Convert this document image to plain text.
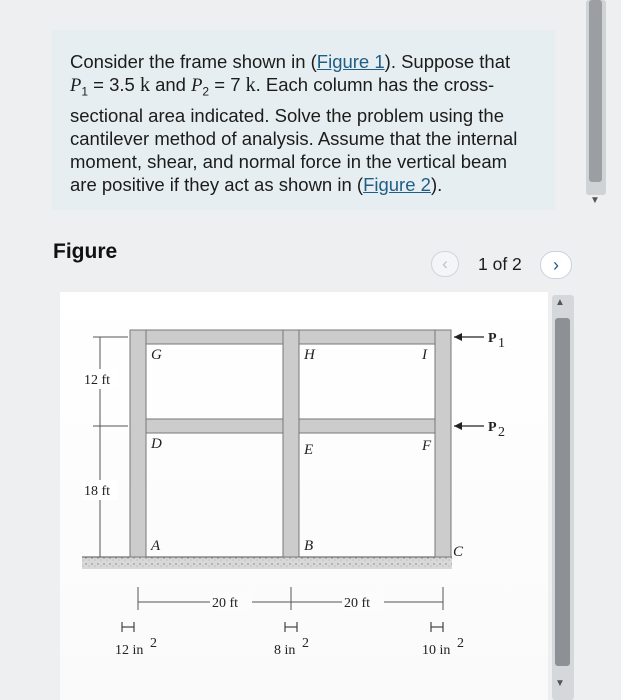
Consider the frame shown in (Figure 1). Suppose that
$P_1 = 3.5$ k and $P_2 = 7$ k. Each column has the cross-
sectional area indicated. Solve the problem using the
cantilever method of analysis. Assume that the internal
moment, shear, and normal force in the vertical beam
are positive if they act as shown in (Figure 2).

Figure
‹ 1 of 2 ›
G	H	I
D	E	F
A	B	C
12 ft
18 ft
P 1
P 2
20 ft	20 ft
12 in 2	8 in 2	10 in 2
▼
▲
▼
